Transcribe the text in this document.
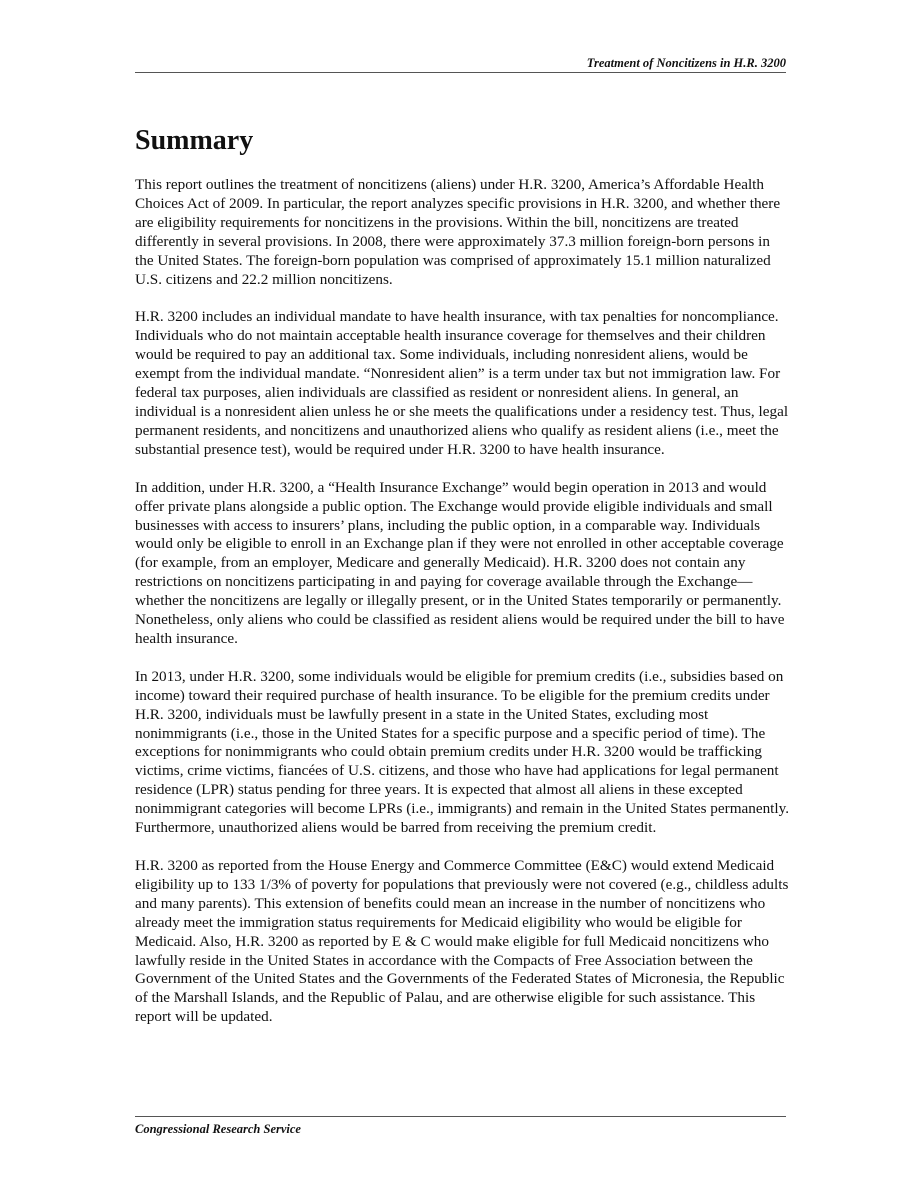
Treatment of Noncitizens in H.R. 3200
Summary

This report outlines the treatment of noncitizens (aliens) under H.R. 3200, America’s Affordable Health Choices Act of 2009. In particular, the report analyzes specific provisions in H.R. 3200, and whether there are eligibility requirements for noncitizens in the provisions. Within the bill, noncitizens are treated differently in several provisions. In 2008, there were approximately 37.3 million foreign-born persons in the United States. The foreign-born population was comprised of approximately 15.1 million naturalized U.S. citizens and 22.2 million noncitizens.

H.R. 3200 includes an individual mandate to have health insurance, with tax penalties for noncompliance. Individuals who do not maintain acceptable health insurance coverage for themselves and their children would be required to pay an additional tax. Some individuals, including nonresident aliens, would be exempt from the individual mandate. “Nonresident alien” is a term under tax but not immigration law. For federal tax purposes, alien individuals are classified as resident or nonresident aliens. In general, an individual is a nonresident alien unless he or she meets the qualifications under a residency test. Thus, legal permanent residents, and noncitizens and unauthorized aliens who qualify as resident aliens (i.e., meet the substantial presence test), would be required under H.R. 3200 to have health insurance.

In addition, under H.R. 3200, a “Health Insurance Exchange” would begin operation in 2013 and would offer private plans alongside a public option. The Exchange would provide eligible individuals and small businesses with access to insurers’ plans, including the public option, in a comparable way. Individuals would only be eligible to enroll in an Exchange plan if they were not enrolled in other acceptable coverage (for example, from an employer, Medicare and generally Medicaid). H.R. 3200 does not contain any restrictions on noncitizens participating in and paying for coverage available through the Exchange—whether the noncitizens are legally or illegally present, or in the United States temporarily or permanently. Nonetheless, only aliens who could be classified as resident aliens would be required under the bill to have health insurance.

In 2013, under H.R. 3200, some individuals would be eligible for premium credits (i.e., subsidies based on income) toward their required purchase of health insurance. To be eligible for the premium credits under H.R. 3200, individuals must be lawfully present in a state in the United States, excluding most nonimmigrants (i.e., those in the United States for a specific purpose and a specific period of time). The exceptions for nonimmigrants who could obtain premium credits under H.R. 3200 would be trafficking victims, crime victims, fiancées of U.S. citizens, and those who have had applications for legal permanent residence (LPR) status pending for three years. It is expected that almost all aliens in these excepted nonimmigrant categories will become LPRs (i.e., immigrants) and remain in the United States permanently. Furthermore, unauthorized aliens would be barred from receiving the premium credit.

H.R. 3200 as reported from the House Energy and Commerce Committee (E&C) would extend Medicaid eligibility up to 133 1/3% of poverty for populations that previously were not covered (e.g., childless adults and many parents). This extension of benefits could mean an increase in the number of noncitizens who already meet the immigration status requirements for Medicaid eligibility who would be eligible for Medicaid. Also, H.R. 3200 as reported by E & C would make eligible for full Medicaid noncitizens who lawfully reside in the United States in accordance with the Compacts of Free Association between the Government of the United States and the Governments of the Federated States of Micronesia, the Republic of the Marshall Islands, and the Republic of Palau, and are otherwise eligible for such assistance. This report will be updated.

Congressional Research Service
